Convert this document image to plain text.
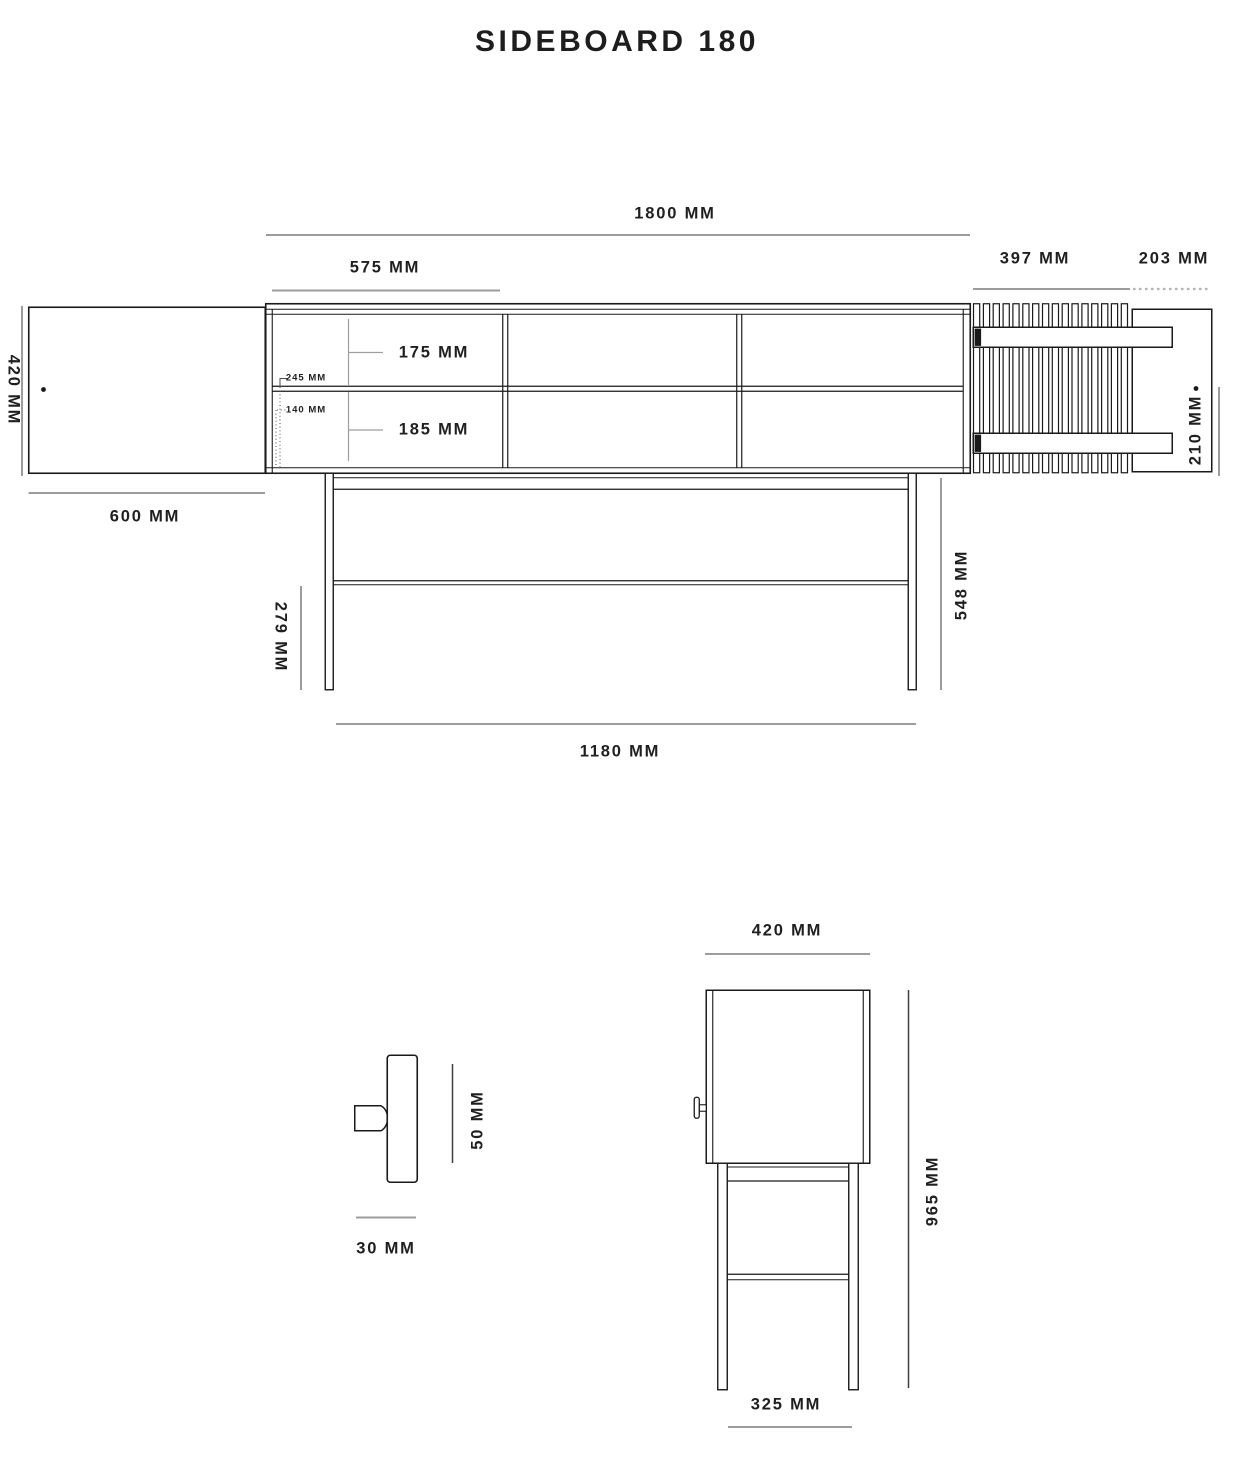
SIDEBOARD 180
1800 MM
575 MM	397 MM	203 MM
420 MM
175 MM
185 MM
245 MM
140 MM
600 MM
210 MM
548 MM
279 MM
1180 MM
50 MM
30 MM
420 MM
965 MM
325 MM
